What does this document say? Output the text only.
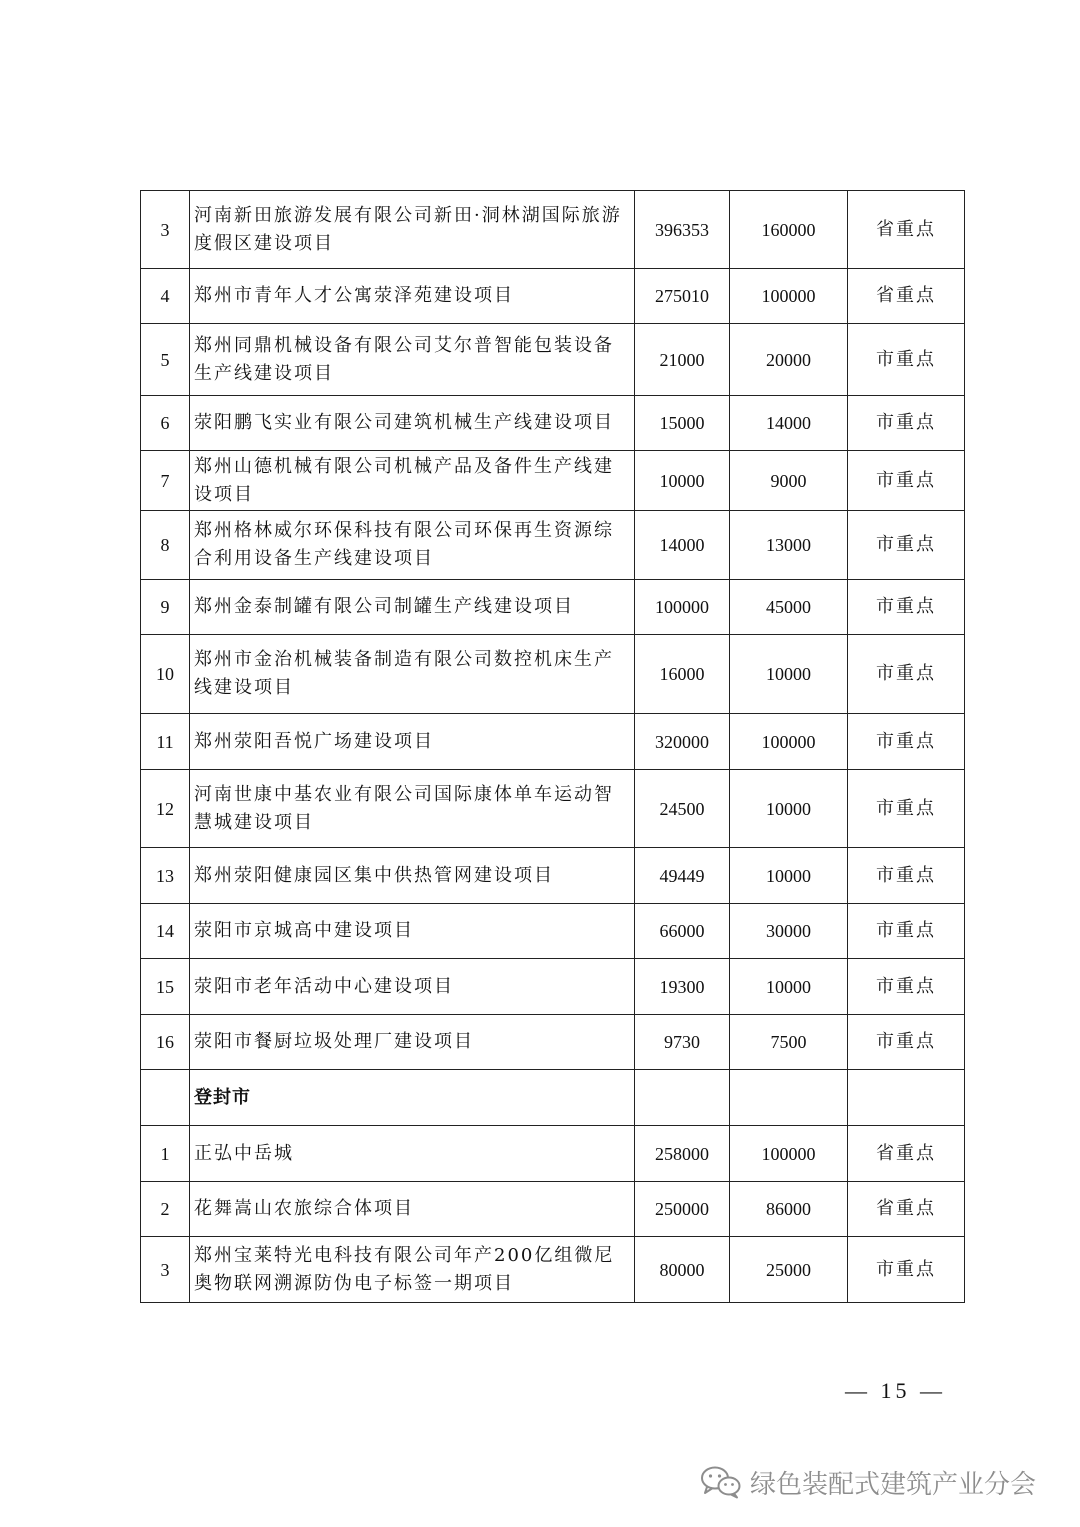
3	河南新田旅游发展有限公司新田·洞林湖国际旅游度假区建设项目	396353	160000	省重点
4	郑州市青年人才公寓荥泽苑建设项目	275010	100000	省重点
5	郑州同鼎机械设备有限公司艾尔普智能包装设备生产线建设项目	21000	20000	市重点
6	荥阳鹏飞实业有限公司建筑机械生产线建设项目	15000	14000	市重点
7	郑州山德机械有限公司机械产品及备件生产线建设项目	10000	9000	市重点
8	郑州格林威尔环保科技有限公司环保再生资源综合利用设备生产线建设项目	14000	13000	市重点
9	郑州金泰制罐有限公司制罐生产线建设项目	100000	45000	市重点
10	郑州市金治机械装备制造有限公司数控机床生产线建设项目	16000	10000	市重点
11	郑州荥阳吾悦广场建设项目	320000	100000	市重点
12	河南世康中基农业有限公司国际康体单车运动智慧城建设项目	24500	10000	市重点
13	郑州荥阳健康园区集中供热管网建设项目	49449	10000	市重点
14	荥阳市京城高中建设项目	66000	30000	市重点
15	荥阳市老年活动中心建设项目	19300	10000	市重点
16	荥阳市餐厨垃圾处理厂建设项目	9730	7500	市重点
	登封市			
1	正弘中岳城	258000	100000	省重点
2	花舞嵩山农旅综合体项目	250000	86000	省重点
3	郑州宝莱特光电科技有限公司年产200亿组微尼奥物联网溯源防伪电子标签一期项目	80000	25000	市重点
— 15 —
绿色装配式建筑产业分会
